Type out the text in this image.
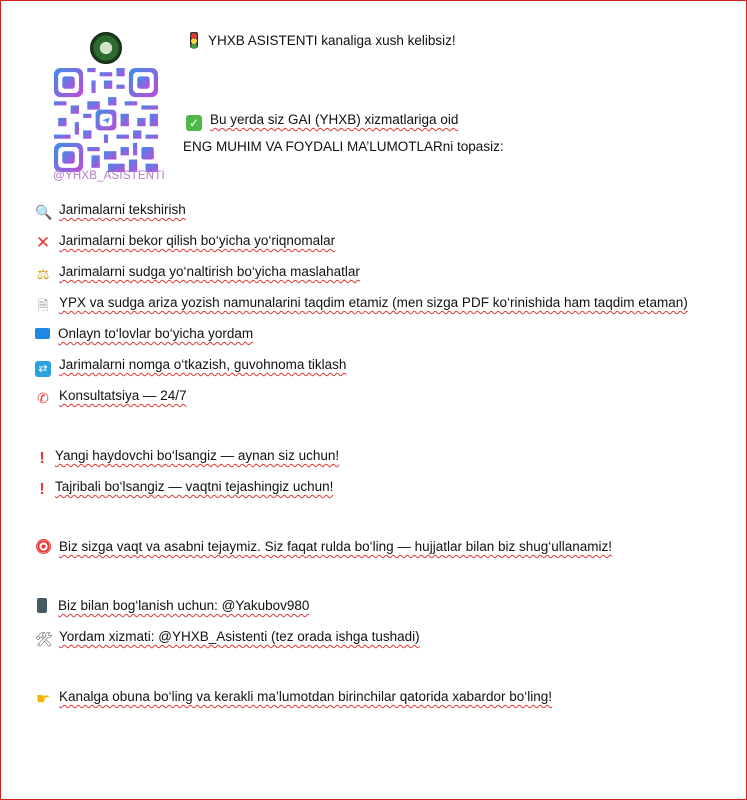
@YHXB_ASISTENTI
YHXB ASISTENTI kanaliga xush kelibsiz!
✓ Bu yerda siz GAI (YHXB) xizmatlariga oid
ENG MUHIM VA FOYDALI MA’LUMOTLARni topasiz:
🔍 Jarimalarni tekshirish
✕ Jarimalarni bekor qilish bo‘yicha yo‘riqnomalar
⚖ Jarimalarni sudga yo‘naltirish bo‘yicha maslahatlar
🗎 YPX va sudga ariza yozish namunalarini taqdim etamiz (men sizga PDF ko‘rinishida ham taqdim etaman)
Onlayn to‘lovlar bo‘yicha yordam
⇄ Jarimalarni nomga o‘tkazish, guvohnoma tiklash
✆ Konsultatsiya — 24/7
! Yangi haydovchi bo‘lsangiz — aynan siz uchun!
! Tajribali bo‘lsangiz — vaqtni tejashingiz uchun!
Biz sizga vaqt va asabni tejaymiz. Siz faqat rulda bo‘ling — hujjatlar bilan biz shug‘ullanamiz!
Biz bilan bog‘lanish uchun: @Yakubov980
🛠 Yordam xizmati: @YHXB_Asistenti (tez orada ishga tushadi)
☛ Kanalga obuna bo‘ling va kerakli ma’lumotdan birinchilar qatorida xabardor bo‘ling!
